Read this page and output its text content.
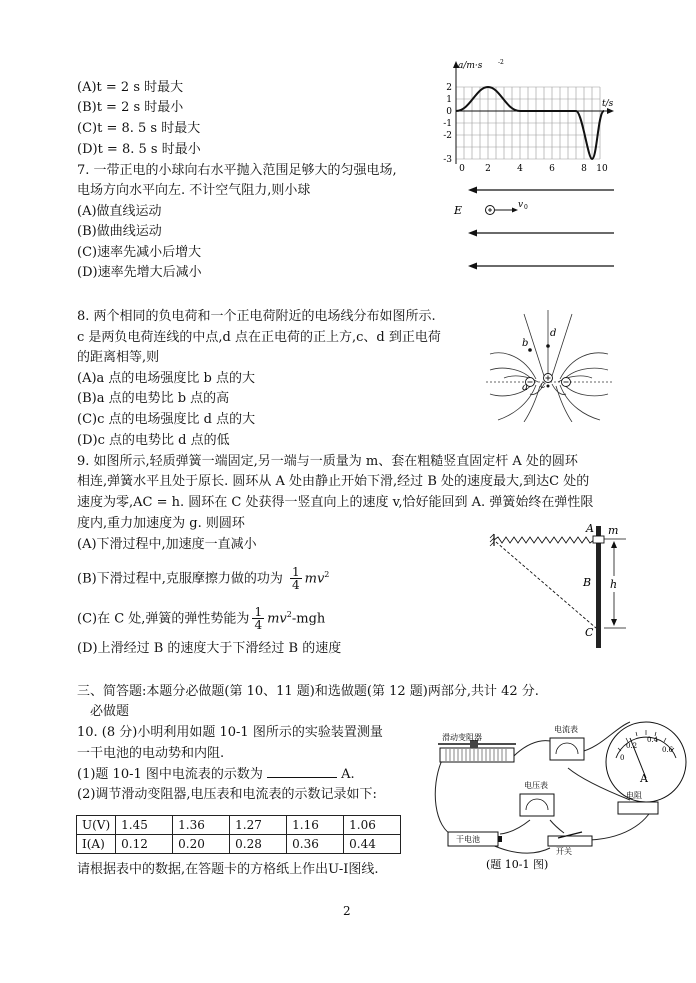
(A)t = 2 s 时最大
(B)t = 2 s 时最小
(C)t = 8. 5 s 时最大
(D)t = 8. 5 s 时最小
a/m·s	-2
t/s
2
1
0
-1
-2
-3
0 2	4	6	8 10
7. 一带正电的小球向右水平抛入范围足够大的匀强电场,
电场方向水平向左. 不计空气阻力,则小球
(A)做直线运动
(B)做曲线运动
(C)速率先减小后增大
(D)速率先增大后减小
E	v 0
8. 两个相同的负电荷和一个正电荷附近的电场线分布如图所示.
c 是两负电荷连线的中点,d 点在正电荷的正上方,c、d 到正电荷
的距离相等,则
(A)a 点的电场强度比 b 点的大
(B)a 点的电势比 b 点的高
(C)c 点的电场强度比 d 点的大
(D)c 点的电势比 d 点的低
a
b
c
d
9. 如图所示,轻质弹簧一端固定,另一端与一质量为 m、套在粗糙竖直固定杆 A 处的圆环
相连,弹簧水平且处于原长. 圆环从 A 处由静止开始下滑,经过 B 处的速度最大,到达C 处的
速度为零,AC = h. 圆环在 C 处获得一竖直向上的速度 v,恰好能回到 A. 弹簧始终在弹性限
度内,重力加速度为 g. 则圆环
(A)下滑过程中,加速度一直减小
(B)下滑过程中,克服摩擦力做的功为 $\frac{1}{4} mv^2$
(C)在 C 处,弹簧的弹性势能为 $\frac{1}{4} mv^2-mgh$
(D)上滑经过 B 的速度大于下滑经过 B 的速度
A
B
C
m
h
三、简答题:本题分必做题(第 10、11 题)和选做题(第 12 题)两部分,共计 42 分.
必做题
10. (8 分)小明利用如题 10-1 图所示的实验装置测量
一干电池的电动势和内阻.
(1)题 10-1 图中电流表的示数为	A.
(2)调节滑动变阻器,电压表和电流表的示数记录如下:
U(V)	1.45	1.36	1.27	1.16	1.06
I(A)	0.12	0.20	0.28	0.36	0.44
请根据表中的数据,在答题卡的方格纸上作出U-I图线.
0
0.2
0.4
0.6
A
滑动变阻器
电流表
电压表
干电池
开关
电阻
(题 10-1 图)
2
